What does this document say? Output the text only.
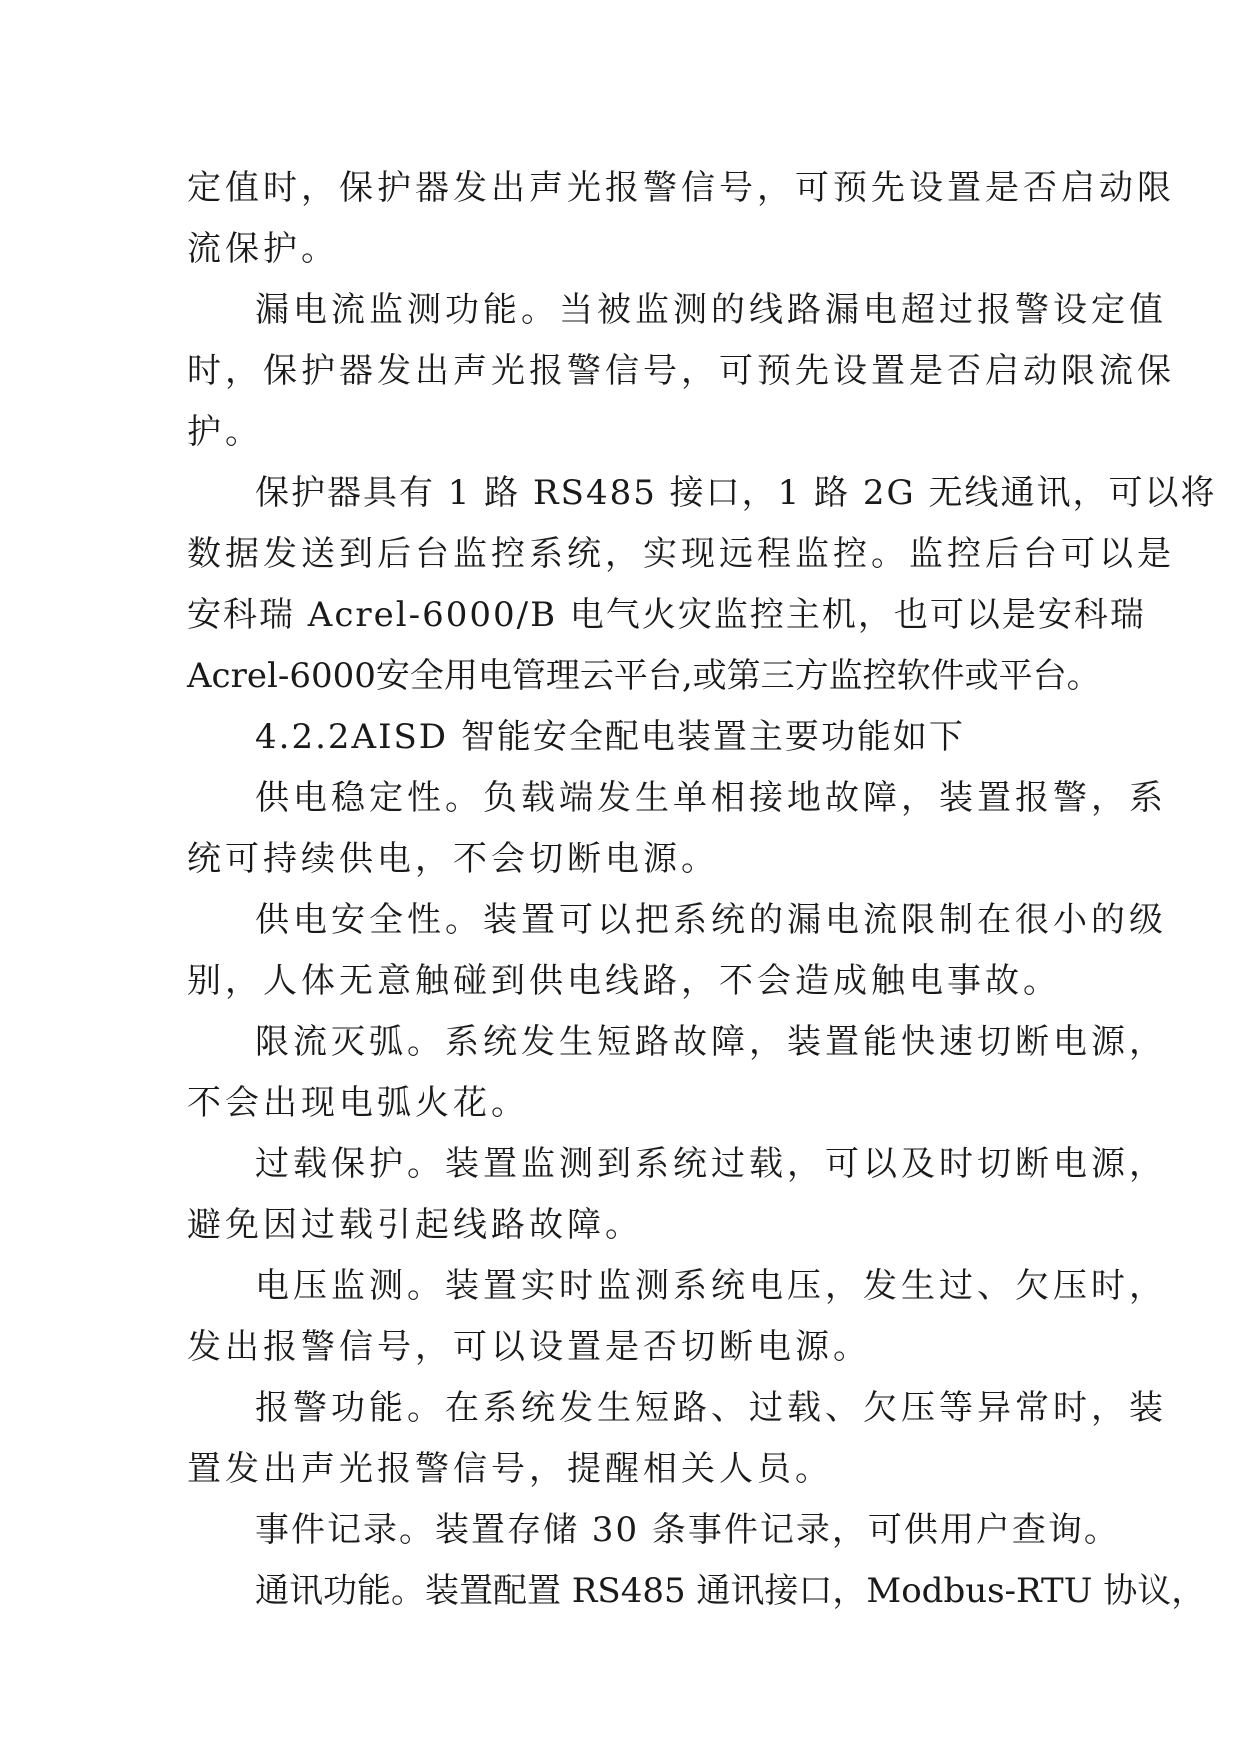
定值时，保护器发出声光报警信号，可预先设置是否启动限
流保护。
漏电流监测功能。当被监测的线路漏电超过报警设定值
时，保护器发出声光报警信号，可预先设置是否启动限流保
护。
保护器具有 1 路 RS485 接口，1 路 2G 无线通讯，可以将
数据发送到后台监控系统，实现远程监控。监控后台可以是
安科瑞 Acrel-6000/B 电气火灾监控主机，也可以是安科瑞
Acrel-6000安全用电管理云平台,或第三方监控软件或平台。
4.2.2AISD 智能安全配电装置主要功能如下
供电稳定性。负载端发生单相接地故障，装置报警，系
统可持续供电，不会切断电源。
供电安全性。装置可以把系统的漏电流限制在很小的级
别，人体无意触碰到供电线路，不会造成触电事故。
限流灭弧。系统发生短路故障，装置能快速切断电源，
不会出现电弧火花。
过载保护。装置监测到系统过载，可以及时切断电源，
避免因过载引起线路故障。
电压监测。装置实时监测系统电压，发生过、欠压时，
发出报警信号，可以设置是否切断电源。
报警功能。在系统发生短路、过载、欠压等异常时，装
置发出声光报警信号，提醒相关人员。
事件记录。装置存储 30 条事件记录，可供用户查询。
通讯功能。装置配置 RS485 通讯接口，Modbus-RTU 协议，
